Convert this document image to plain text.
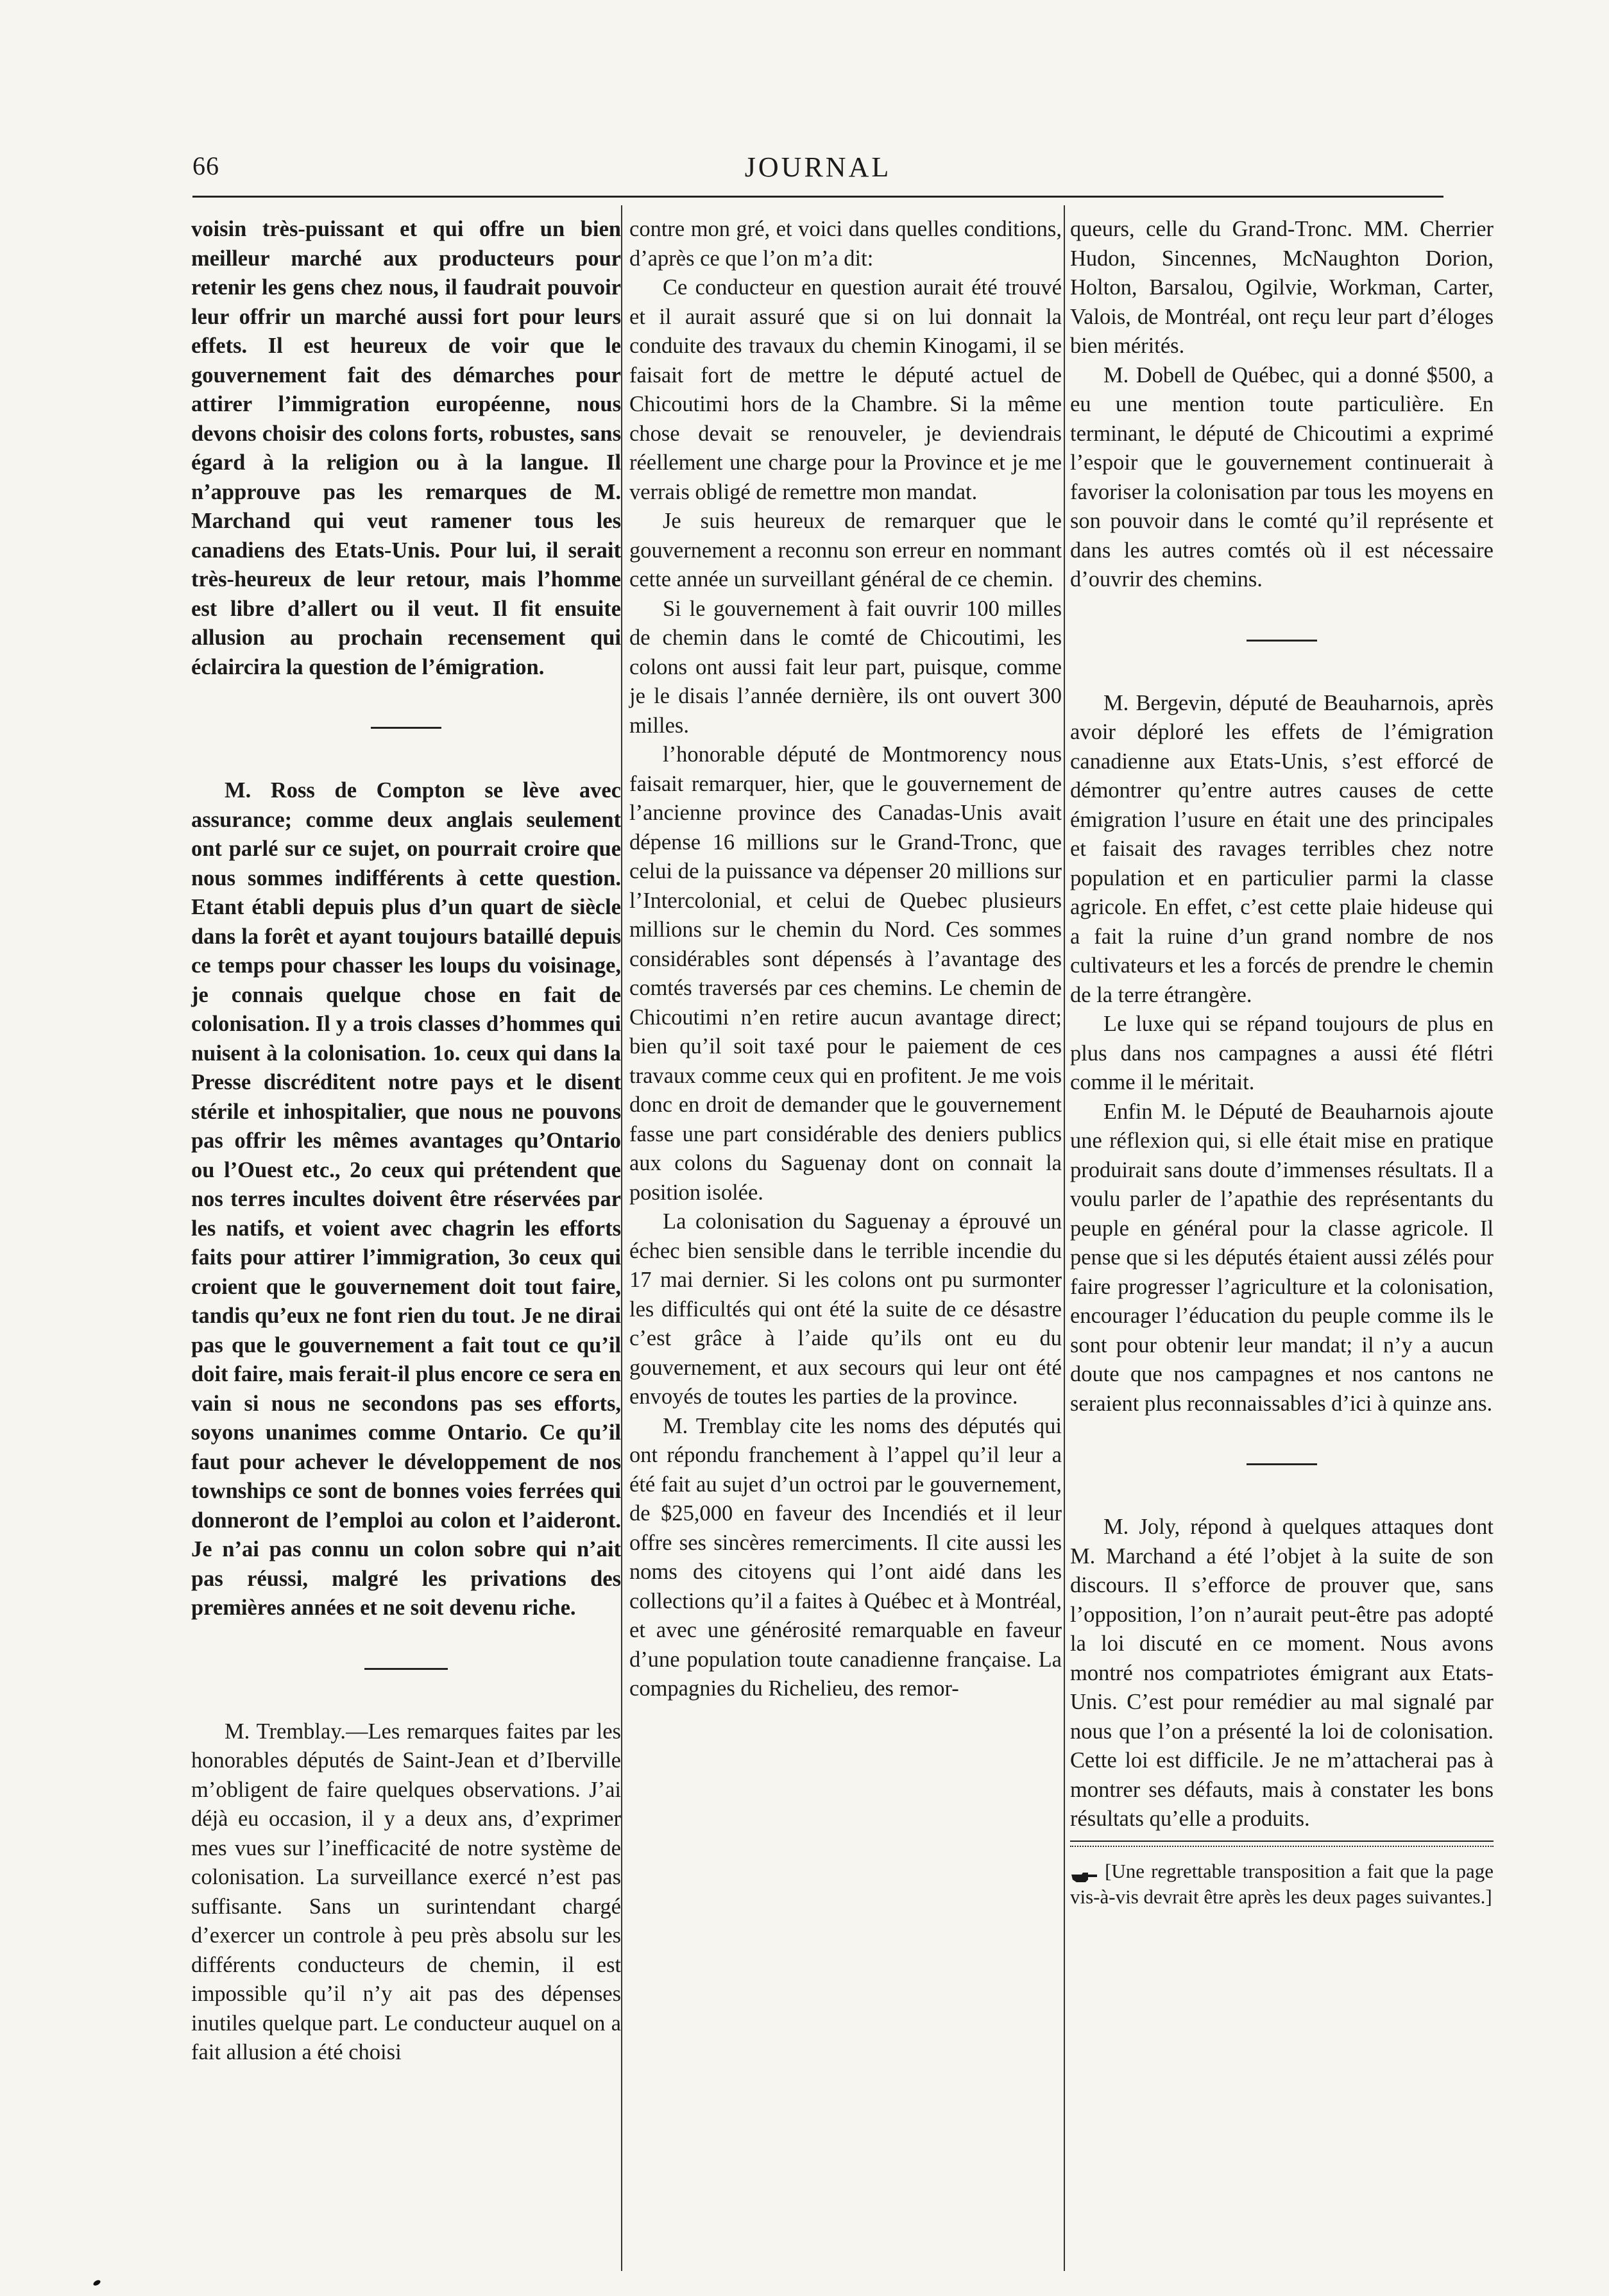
66	JOURNAL

voisin très-puissant et qui offre un bien meilleur marché aux producteurs pour retenir les gens chez nous, il faudrait pouvoir leur offrir un marché aussi fort pour leurs effets. Il est heureux de voir que le gouvernement fait des démarches pour attirer l’immigration européenne, nous devons choisir des colons forts, robustes, sans égard à la religion ou à la langue. Il n’approuve pas les remarques de M. Marchand qui veut ramener tous les canadiens des Etats-Unis. Pour lui, il serait très-heureux de leur retour, mais l’homme est libre d’allert ou il veut. Il fit ensuite allusion au prochain recensement qui éclaircira la question de l’émigration.

M. Ross de Compton se lève avec assurance; comme deux anglais seulement ont parlé sur ce sujet, on pourrait croire que nous sommes indifférents à cette question. Etant établi depuis plus d’un quart de siècle dans la forêt et ayant toujours bataillé depuis ce temps pour chasser les loups du voisinage, je connais quelque chose en fait de colonisation. Il y a trois classes d’hommes qui nuisent à la colonisation. 1o. ceux qui dans la Presse discréditent notre pays et le disent stérile et inhospitalier, que nous ne pouvons pas offrir les mêmes avantages qu’Ontario ou l’Ouest etc., 2o ceux qui prétendent que nos terres incultes doivent être réservées par les natifs, et voient avec chagrin les efforts faits pour attirer l’immigration, 3o ceux qui croient que le gouvernement doit tout faire, tandis qu’eux ne font rien du tout. Je ne dirai pas que le gouvernement a fait tout ce qu’il doit faire, mais ferait-il plus encore ce sera en vain si nous ne secondons pas ses efforts, soyons unanimes comme Ontario. Ce qu’il faut pour achever le développement de nos townships ce sont de bonnes voies ferrées qui donneront de l’emploi au colon et l’aideront. Je n’ai pas connu un colon sobre qui n’ait pas réussi, malgré les privations des premières années et ne soit devenu riche.

M. Tremblay.—Les remarques faites par les honorables députés de Saint-Jean et d’Iberville m’obligent de faire quelques observations. J’ai déjà eu occasion, il y a deux ans, d’exprimer mes vues sur l’inefficacité de notre système de colonisation. La surveillance exercé n’est pas suffisante. Sans un surintendant chargé d’exercer un controle à peu près absolu sur les différents conducteurs de chemin, il est impossible qu’il n’y ait pas des dépenses inutiles quelque part. Le conducteur auquel on a fait allusion a été choisi

contre mon gré, et voici dans quelles conditions, d’après ce que l’on m’a dit:

Ce conducteur en question aurait été trouvé et il aurait assuré que si on lui donnait la conduite des travaux du chemin Kinogami, il se faisait fort de mettre le député actuel de Chicoutimi hors de la Chambre. Si la même chose devait se renouveler, je deviendrais réellement une charge pour la Province et je me verrais obligé de remettre mon mandat.

Je suis heureux de remarquer que le gouvernement a reconnu son erreur en nommant cette année un surveillant général de ce chemin.

Si le gouvernement à fait ouvrir 100 milles de chemin dans le comté de Chicoutimi, les colons ont aussi fait leur part, puisque, comme je le disais l’année dernière, ils ont ouvert 300 milles.

l’honorable député de Montmorency nous faisait remarquer, hier, que le gouvernement de l’ancienne province des Canadas-Unis avait dépense 16 millions sur le Grand-Tronc, que celui de la puissance va dépenser 20 millions sur l’Intercolonial, et celui de Quebec plusieurs millions sur le chemin du Nord. Ces sommes considérables sont dépensés à l’avantage des comtés traversés par ces chemins. Le chemin de Chicoutimi n’en retire aucun avantage direct; bien qu’il soit taxé pour le paiement de ces travaux comme ceux qui en profitent. Je me vois donc en droit de demander que le gouvernement fasse une part considérable des deniers publics aux colons du Saguenay dont on connait la position isolée.

La colonisation du Saguenay a éprouvé un échec bien sensible dans le terrible incendie du 17 mai dernier. Si les colons ont pu surmonter les difficultés qui ont été la suite de ce désastre c’est grâce à l’aide qu’ils ont eu du gouvernement, et aux secours qui leur ont été envoyés de toutes les parties de la province.

M. Tremblay cite les noms des députés qui ont répondu franchement à l’appel qu’il leur a été fait au sujet d’un octroi par le gouvernement, de $25,000 en faveur des Incendiés et il leur offre ses sincères remerciments. Il cite aussi les noms des citoyens qui l’ont aidé dans les collections qu’il a faites à Québec et à Montréal, et avec une générosité remarquable en faveur d’une population toute canadienne française. La compagnies du Richelieu, des remor-

queurs, celle du Grand-Tronc. MM. Cherrier Hudon, Sincennes, McNaughton Dorion, Holton, Barsalou, Ogilvie, Workman, Carter, Valois, de Montréal, ont reçu leur part d’éloges bien mérités.

M. Dobell de Québec, qui a donné $500, a eu une mention toute particulière. En terminant, le député de Chicoutimi a exprimé l’espoir que le gouvernement continuerait à favoriser la colonisation par tous les moyens en son pouvoir dans le comté qu’il représente et dans les autres comtés où il est nécessaire d’ouvrir des chemins.

M. Bergevin, député de Beauharnois, après avoir déploré les effets de l’émigration canadienne aux Etats-Unis, s’est efforcé de démontrer qu’entre autres causes de cette émigration l’usure en était une des principales et faisait des ravages terribles chez notre population et en particulier parmi la classe agricole. En effet, c’est cette plaie hideuse qui a fait la ruine d’un grand nombre de nos cultivateurs et les a forcés de prendre le chemin de la terre étrangère.

Le luxe qui se répand toujours de plus en plus dans nos campagnes a aussi été flétri comme il le méritait.

Enfin M. le Député de Beauharnois ajoute une réflexion qui, si elle était mise en pratique produirait sans doute d’immenses résultats. Il a voulu parler de l’apathie des représentants du peuple en général pour la classe agricole. Il pense que si les députés étaient aussi zélés pour faire progresser l’agriculture et la colonisation, encourager l’éducation du peuple comme ils le sont pour obtenir leur mandat; il n’y a aucun doute que nos campagnes et nos cantons ne seraient plus reconnaissables d’ici à quinze ans.

M. Joly, répond à quelques attaques dont M. Marchand a été l’objet à la suite de son discours. Il s’efforce de prouver que, sans l’opposition, l’on n’aurait peut-être pas adopté la loi discuté en ce moment. Nous avons montré nos compatriotes émigrant aux Etats-Unis. C’est pour remédier au mal signalé par nous que l’on a présenté la loi de colonisation. Cette loi est difficile. Je ne m’attacherai pas à montrer ses défauts, mais à constater les bons résultats qu’elle a produits.

[Une regrettable transposition a fait que la page vis-à-vis devrait être après les deux pages suivantes.]
